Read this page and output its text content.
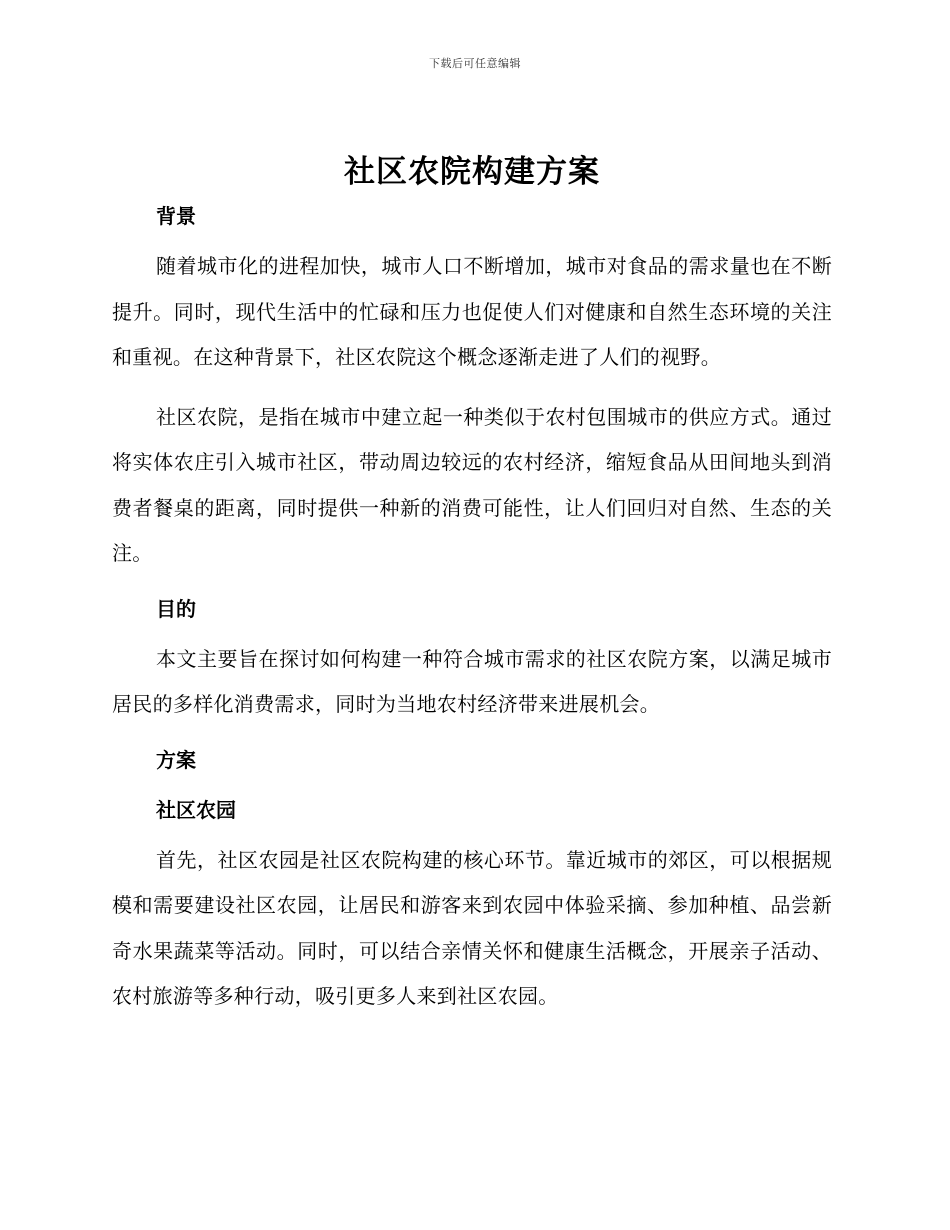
下载后可任意编辑
社区农院构建方案
背景

随着城市化的进程加快，城市人口不断增加，城市对食品的需求量也在不断提升。同时，现代生活中的忙碌和压力也促使人们对健康和自然生态环境的关注和重视。在这种背景下，社区农院这个概念逐渐走进了人们的视野。

社区农院，是指在城市中建立起一种类似于农村包围城市的供应方式。通过将实体农庄引入城市社区，带动周边较远的农村经济，缩短食品从田间地头到消费者餐桌的距离，同时提供一种新的消费可能性，让人们回归对自然、生态的关注。

目的

本文主要旨在探讨如何构建一种符合城市需求的社区农院方案，以满足城市居民的多样化消费需求，同时为当地农村经济带来进展机会。

方案
社区农园

首先，社区农园是社区农院构建的核心环节。靠近城市的郊区，可以根据规模和需要建设社区农园，让居民和游客来到农园中体验采摘、参加种植、品尝新奇水果蔬菜等活动。同时，可以结合亲情关怀和健康生活概念，开展亲子活动、农村旅游等多种行动，吸引更多人来到社区农园。
